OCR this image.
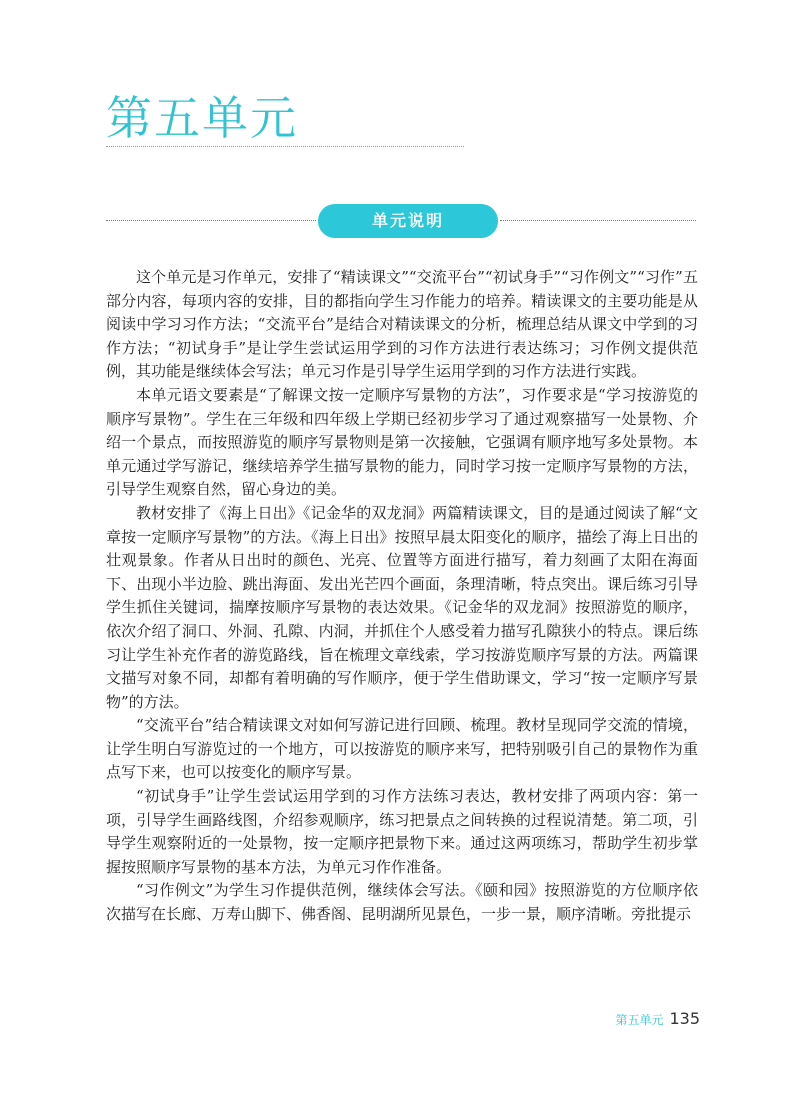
第五单元
单元说明

这个单元是习作单元，安排了“精读课文”“交流平台”“初试身手”“习作例文”“习作”五部分内容，每项内容的安排，目的都指向学生习作能力的培养。精读课文的主要功能是从阅读中学习习作方法；“交流平台”是结合对精读课文的分析，梳理总结从课文中学到的习作方法；“初试身手”是让学生尝试运用学到的习作方法进行表达练习；习作例文提供范例，其功能是继续体会写法；单元习作是引导学生运用学到的习作方法进行实践。

本单元语文要素是“了解课文按一定顺序写景物的方法”，习作要求是“学习按游览的顺序写景物”。学生在三年级和四年级上学期已经初步学习了通过观察描写一处景物、介绍一个景点，而按照游览的顺序写景物则是第一次接触，它强调有顺序地写多处景物。本单元通过学写游记，继续培养学生描写景物的能力，同时学习按一定顺序写景物的方法，引导学生观察自然，留心身边的美。

教材安排了《海上日出》《记金华的双龙洞》两篇精读课文，目的是通过阅读了解“文章按一定顺序写景物”的方法。《海上日出》按照早晨太阳变化的顺序，描绘了海上日出的壮观景象。作者从日出时的颜色、光亮、位置等方面进行描写，着力刻画了太阳在海面下、出现小半边脸、跳出海面、发出光芒四个画面，条理清晰，特点突出。课后练习引导学生抓住关键词，揣摩按顺序写景物的表达效果。《记金华的双龙洞》按照游览的顺序，依次介绍了洞口、外洞、孔隙、内洞，并抓住个人感受着力描写孔隙狭小的特点。课后练习让学生补充作者的游览路线，旨在梳理文章线索，学习按游览顺序写景的方法。两篇课文描写对象不同，却都有着明确的写作顺序，便于学生借助课文，学习“按一定顺序写景物”的方法。

“交流平台”结合精读课文对如何写游记进行回顾、梳理。教材呈现同学交流的情境，让学生明白写游览过的一个地方，可以按游览的顺序来写，把特别吸引自己的景物作为重点写下来，也可以按变化的顺序写景。

“初试身手”让学生尝试运用学到的习作方法练习表达，教材安排了两项内容：第一项，引导学生画路线图，介绍参观顺序，练习把景点之间转换的过程说清楚。第二项，引导学生观察附近的一处景物，按一定顺序把景物下来。通过这两项练习，帮助学生初步掌握按照顺序写景物的基本方法，为单元习作作准备。

“习作例文”为学生习作提供范例，继续体会写法。《颐和园》按照游览的方位顺序依次描写在长廊、万寿山脚下、佛香阁、昆明湖所见景色，一步一景，顺序清晰。旁批提示

第五单元 135
